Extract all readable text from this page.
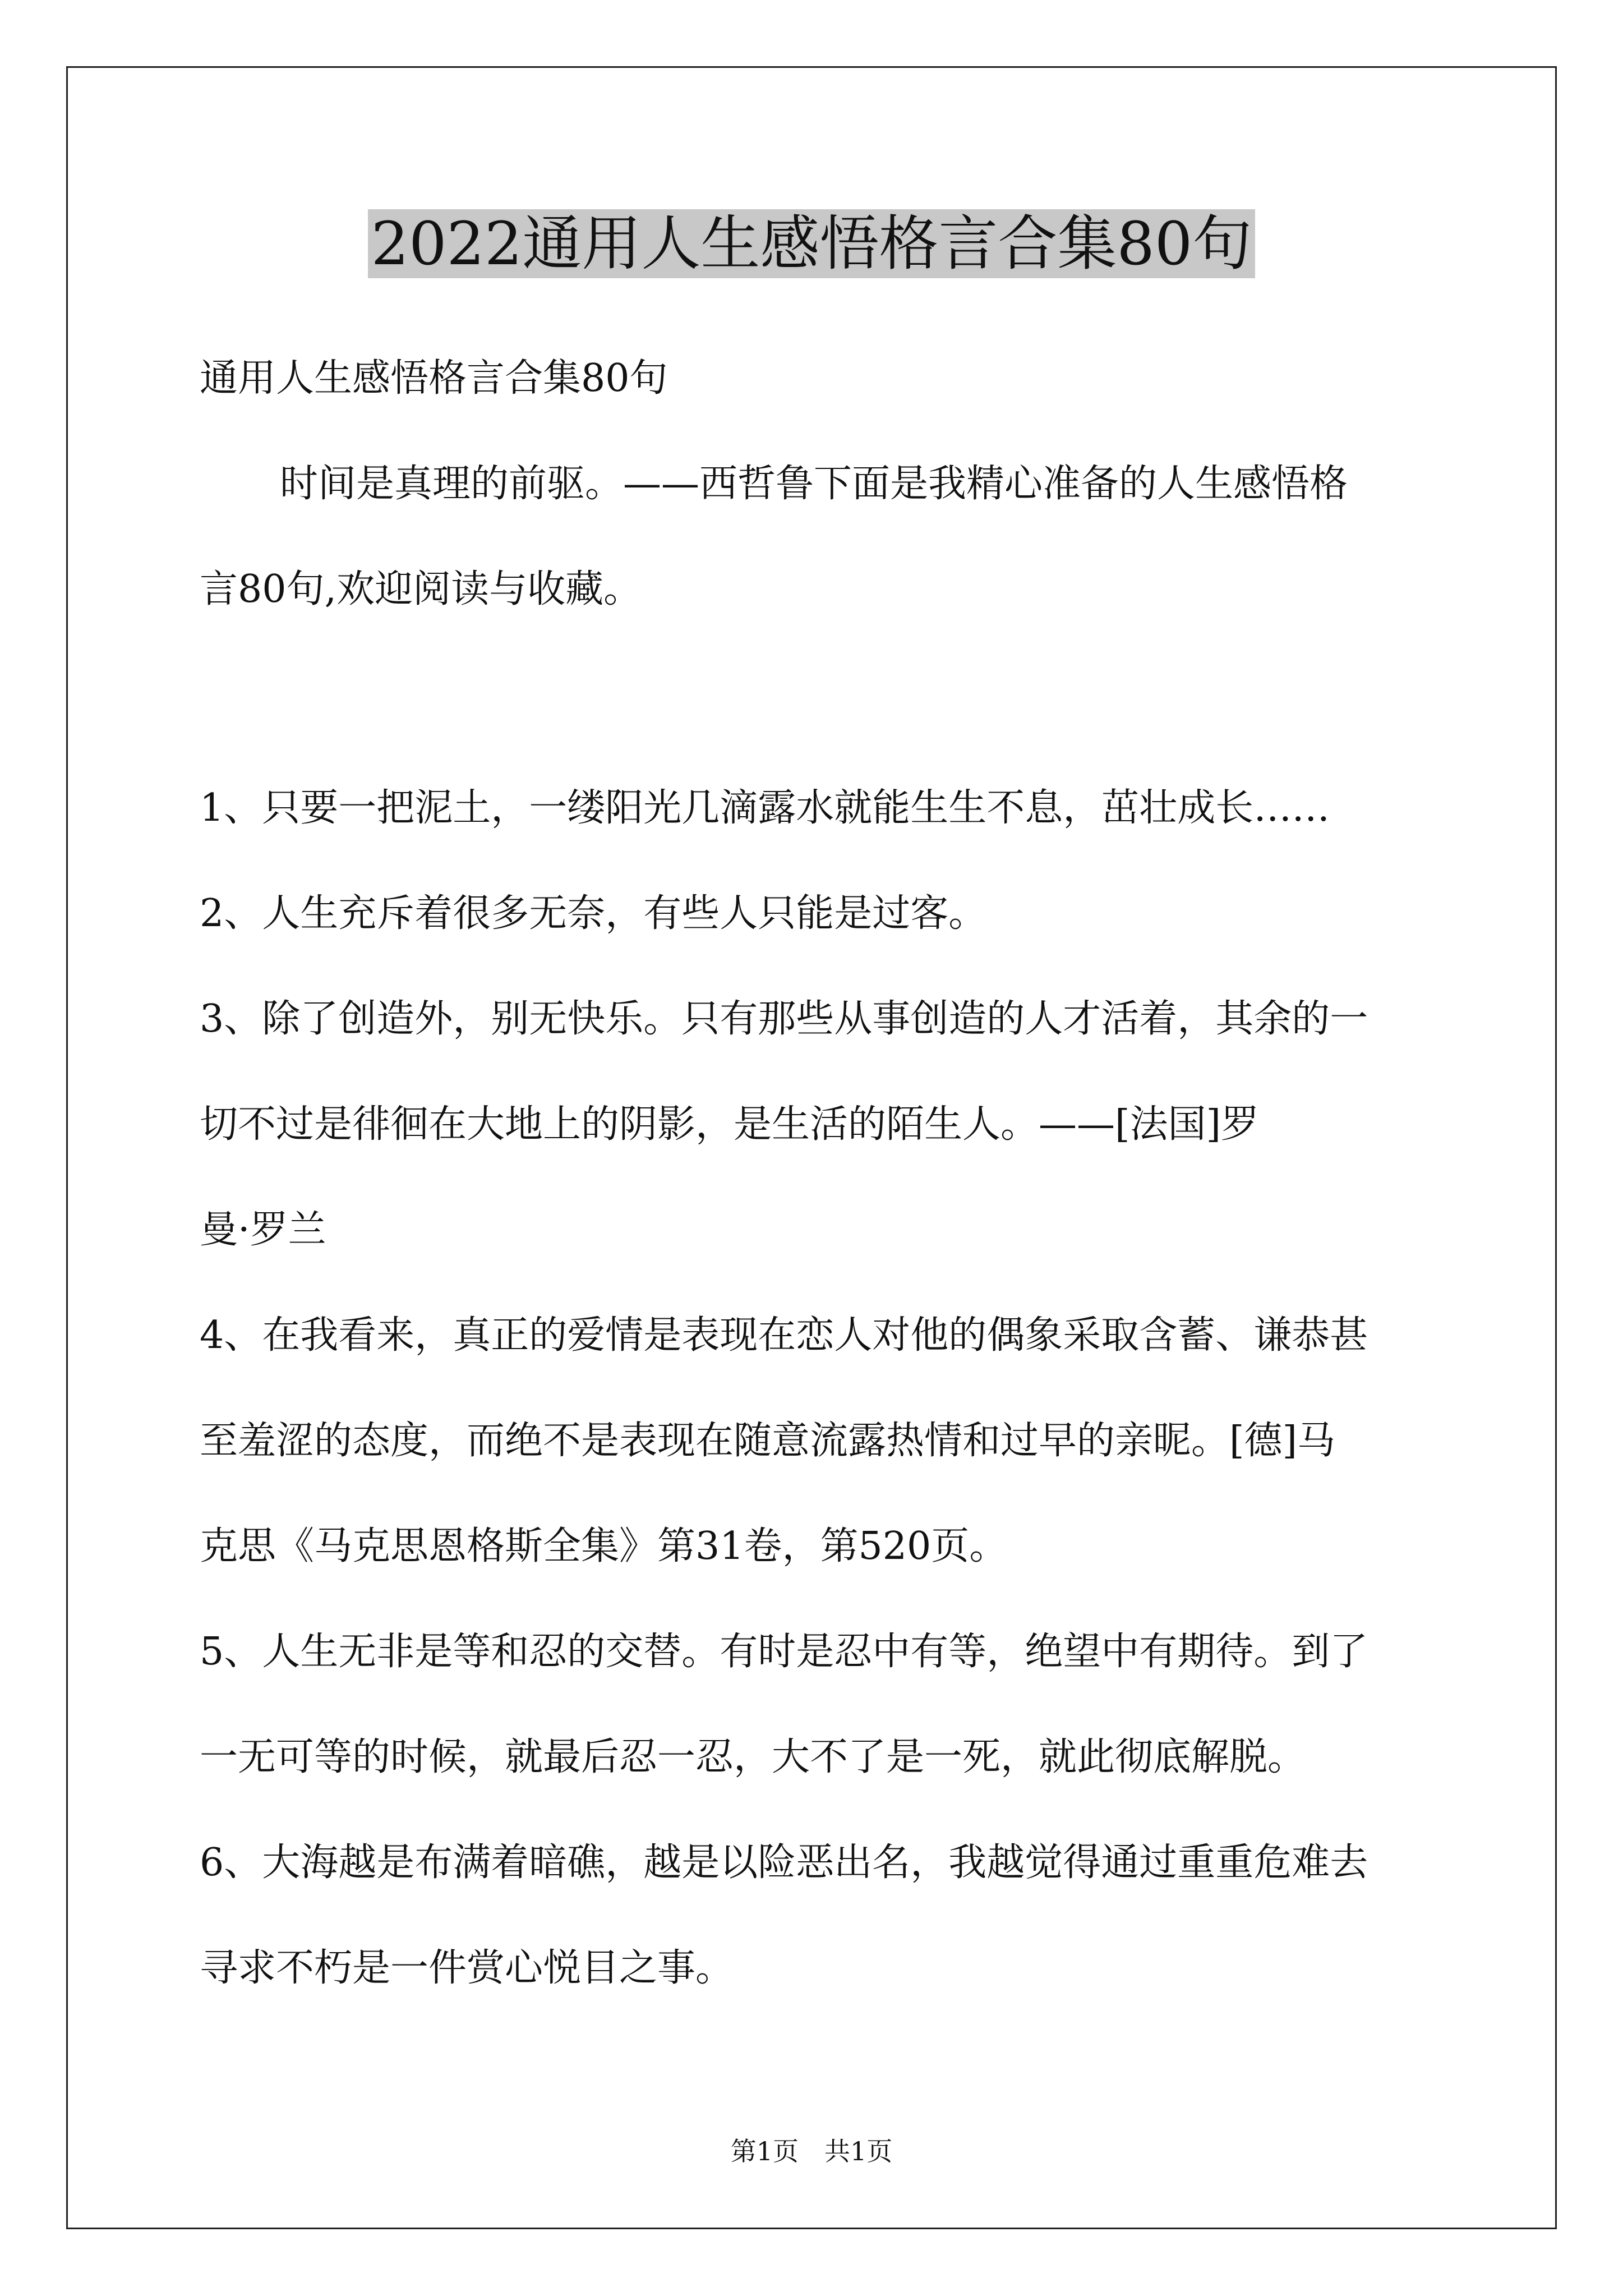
2022通用人生感悟格言合集80句
通用人生感悟格言合集80句
时间是真理的前驱。——西哲鲁下面是我精心准备的人生感悟格
言80句,欢迎阅读与收藏。
1、只要一把泥土，一缕阳光几滴露水就能生生不息，茁壮成长……
2、人生充斥着很多无奈，有些人只能是过客。
3、除了创造外，别无快乐。只有那些从事创造的人才活着，其余的一
切不过是徘徊在大地上的阴影，是生活的陌生人。——[法国]罗
曼·罗兰
4、在我看来，真正的爱情是表现在恋人对他的偶象采取含蓄、谦恭甚
至羞涩的态度，而绝不是表现在随意流露热情和过早的亲昵。[德]马
克思《马克思恩格斯全集》第31卷，第520页。
5、人生无非是等和忍的交替。有时是忍中有等，绝望中有期待。到了
一无可等的时候，就最后忍一忍，大不了是一死，就此彻底解脱。
6、大海越是布满着暗礁，越是以险恶出名，我越觉得通过重重危难去
寻求不朽是一件赏心悦目之事。
第1页 共1页
